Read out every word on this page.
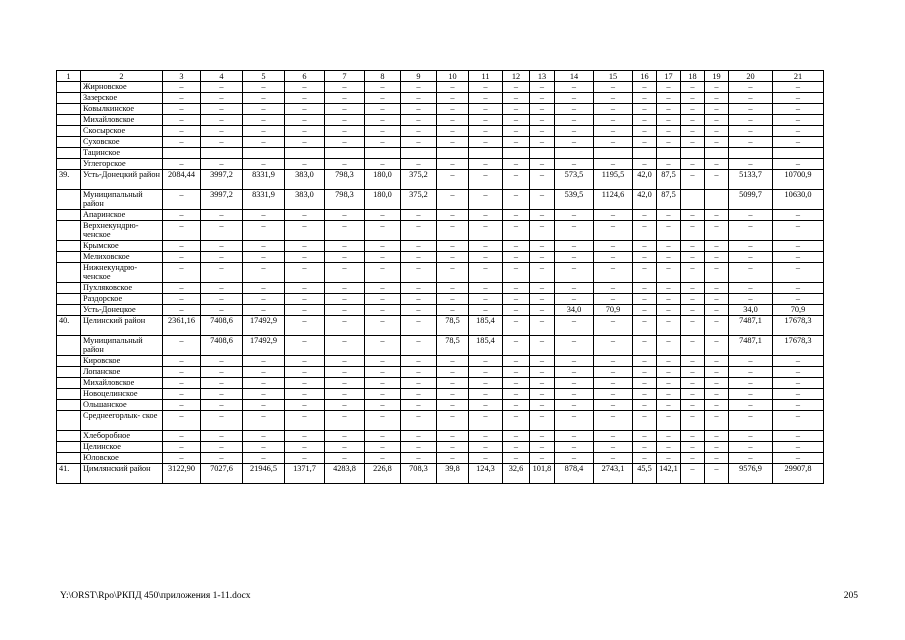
1	2	3	4	5	6	7	8	9	10	11	12	13	14	15	16	17	18	19	20	21
	Жирновское	–	–	–	–	–	–	–	–	–	–	–	–	–	–	–	–	–	–	–
	Зазерское	–	–	–	–	–	–	–	–	–	–	–	–	–	–	–	–	–	–	–
	Ковылкинское	–	–	–	–	–	–	–	–	–	–	–	–	–	–	–	–	–	–	–
	Михайловское	–	–	–	–	–	–	–	–	–	–	–	–	–	–	–	–	–	–	–
	Скосырское	–	–	–	–	–	–	–	–	–	–	–	–	–	–	–	–	–	–	–
	Суховское	–	–	–	–	–	–	–	–	–	–	–	–	–	–	–	–	–	–	–
	Тацинское																			
	Углегорское	–	–	–	–	–	–	–	–	–	–	–	–	–	–	–	–	–	–	–
39.	Усть-Донецкий район	2084,44	3997,2	8331,9	383,0	798,3	180,0	375,2	–	–	–	–	573,5	1195,5	42,0	87,5	–	–	5133,7	10700,9
	Муниципальный район	–	3997,2	8331,9	383,0	798,3	180,0	375,2	–	–	–	–	539,5	1124,6	42,0	87,5			5099,7	10630,0
	Апаринское	–	–	–	–	–	–	–	–	–	–	–	–	–	–	–	–	–	–	–
	Верхнекундрю- ченское	–	–	–	–	–	–	–	–	–	–	–	–	–	–	–	–	–	–	–
	Крымское	–	–	–	–	–	–	–	–	–	–	–	–	–	–	–	–	–	–	–
	Мелиховское	–	–	–	–	–	–	–	–	–	–	–	–	–	–	–	–	–	–	–
	Нижнекундрю- ченское	–	–	–	–	–	–	–	–	–	–	–	–	–	–	–	–	–	–	–
	Пухляковское	–	–	–	–	–	–	–	–	–	–	–	–	–	–	–	–	–	–	–
	Раздорское	–	–	–	–	–	–	–	–	–	–	–	–	–	–	–	–	–	–	–
	Усть-Донецкое	–	–	–	–	–	–	–	–	–	–	–	34,0	70,9	–	–	–	–	34,0	70,9
40.	Целинский район	2361,16	7408,6	17492,9	–	–	–	–	78,5	185,4	–	–	–	–	–	–	–	–	7487,1	17678,3
	Муниципальный район	–	7408,6	17492,9	–	–	–	–	78,5	185,4	–	–	–	–	–	–	–	–	7487,1	17678,3
	Кировское	–	–	–	–	–	–	–	–	–	–	–	–	–	–	–	–	–	–	–
	Лопанское	–	–	–	–	–	–	–	–	–	–	–	–	–	–	–	–	–	–	–
	Михайловское	–	–	–	–	–	–	–	–	–	–	–	–	–	–	–	–	–	–	–
	Новоцелинское	–	–	–	–	–	–	–	–	–	–	–	–	–	–	–	–	–	–	–
	Ольшанское	–	–	–	–	–	–	–	–	–	–	–	–	–	–	–	–	–	–	–
	Среднеегорлык- ское	–	–	–	–	–	–	–	–	–	–	–	–	–	–	–	–	–	–	–
	Хлеборобное	–	–	–	–	–	–	–	–	–	–	–	–	–	–	–	–	–	–	–
	Целинское	–	–	–	–	–	–	–	–	–	–	–	–	–	–	–	–	–	–	–
	Юловское	–	–	–	–	–	–	–	–	–	–	–	–	–	–	–	–	–	–	–
41.	Цимлянский район	3122,90	7027,6	21946,5	1371,7	4283,8	226,8	708,3	39,8	124,3	32,6	101,8	878,4	2743,1	45,5	142,1	–	–	9576,9	29907,8
Y:\ORST\Rpo\РКПД 450\приложения 1-11.docx	205
